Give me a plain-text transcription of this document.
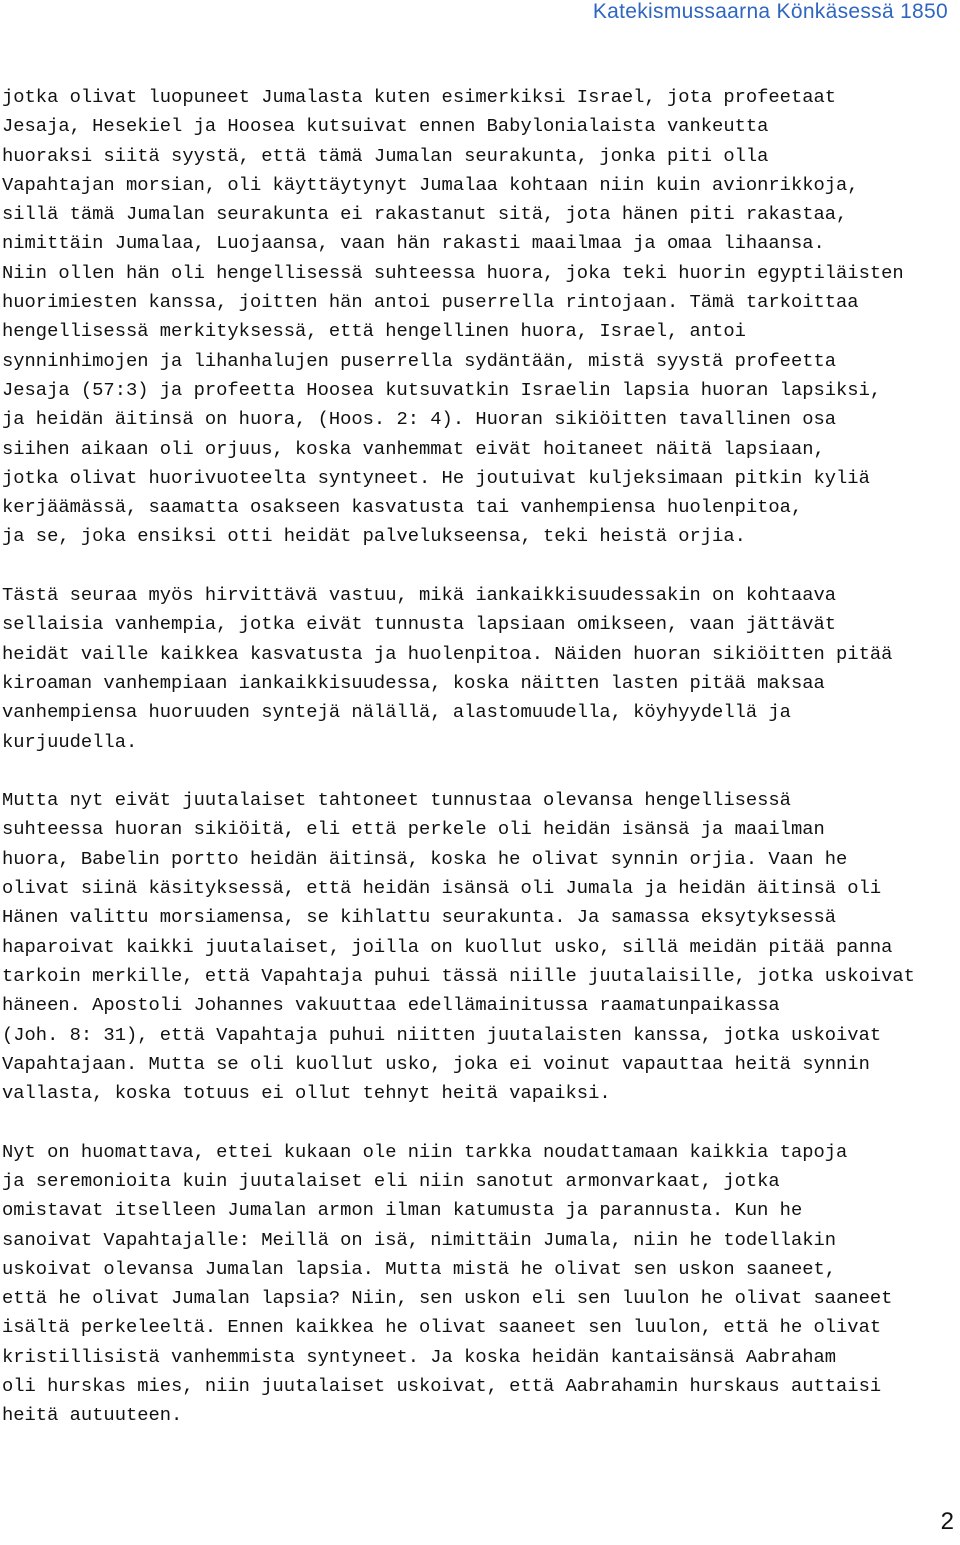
Katekismussaarna Könkäsessä 1850
jotka olivat luopuneet Jumalasta kuten esimerkiksi Israel, jota profeetaat
Jesaja, Hesekiel ja Hoosea kutsuivat ennen Babylonialaista vankeutta
huoraksi siitä syystä, että tämä Jumalan seurakunta, jonka piti olla
Vapahtajan morsian, oli käyttäytynyt Jumalaa kohtaan niin kuin avionrikkoja,
sillä tämä Jumalan seurakunta ei rakastanut sitä, jota hänen piti rakastaa,
nimittäin Jumalaa, Luojaansa, vaan hän rakasti maailmaa ja omaa lihaansa.
Niin ollen hän oli hengellisessä suhteessa huora, joka teki huorin egyptiläisten
huorimiesten kanssa, joitten hän antoi puserrella rintojaan. Tämä tarkoittaa
hengellisessä merkityksessä, että hengellinen huora, Israel, antoi
synninhimojen ja lihanhalujen puserrella sydäntään, mistä syystä profeetta
Jesaja (57:3) ja profeetta Hoosea kutsuvatkin Israelin lapsia huoran lapsiksi,
ja heidän äitinsä on huora, (Hoos. 2: 4). Huoran sikiöitten tavallinen osa
siihen aikaan oli orjuus, koska vanhemmat eivät hoitaneet näitä lapsiaan,
jotka olivat huorivuoteelta syntyneet. He joutuivat kuljeksimaan pitkin kyliä
kerjäämässä, saamatta osakseen kasvatusta tai vanhempiensa huolenpitoa,
ja se, joka ensiksi otti heidät palvelukseensa, teki heistä orjia.
Tästä seuraa myös hirvittävä vastuu, mikä iankaikkisuudessakin on kohtaava
sellaisia vanhempia, jotka eivät tunnusta lapsiaan omikseen, vaan jättävät
heidät vaille kaikkea kasvatusta ja huolenpitoa. Näiden huoran sikiöitten pitää
kiroaman vanhempiaan iankaikkisuudessa, koska näitten lasten pitää maksaa
vanhempiensa huoruuden syntejä nälällä, alastomuudella, köyhyydellä ja
kurjuudella.
Mutta nyt eivät juutalaiset tahtoneet tunnustaa olevansa hengellisessä
suhteessa huoran sikiöitä, eli että perkele oli heidän isänsä ja maailman
huora, Babelin portto heidän äitinsä, koska he olivat synnin orjia. Vaan he
olivat siinä käsityksessä, että heidän isänsä oli Jumala ja heidän äitinsä oli
Hänen valittu morsiamensa, se kihlattu seurakunta. Ja samassa eksytyksessä
haparoivat kaikki juutalaiset, joilla on kuollut usko, sillä meidän pitää panna
tarkoin merkille, että Vapahtaja puhui tässä niille juutalaisille, jotka uskoivat
häneen. Apostoli Johannes vakuuttaa edellämainitussa raamatunpaikassa
(Joh. 8: 31), että Vapahtaja puhui niitten juutalaisten kanssa, jotka uskoivat
Vapahtajaan. Mutta se oli kuollut usko, joka ei voinut vapauttaa heitä synnin
vallasta, koska totuus ei ollut tehnyt heitä vapaiksi.
Nyt on huomattava, ettei kukaan ole niin tarkka noudattamaan kaikkia tapoja
ja seremonioita kuin juutalaiset eli niin sanotut armonvarkaat, jotka
omistavat itselleen Jumalan armon ilman katumusta ja parannusta. Kun he
sanoivat Vapahtajalle: Meillä on isä, nimittäin Jumala, niin he todellakin
uskoivat olevansa Jumalan lapsia. Mutta mistä he olivat sen uskon saaneet,
että he olivat Jumalan lapsia? Niin, sen uskon eli sen luulon he olivat saaneet
isältä perkeleeltä. Ennen kaikkea he olivat saaneet sen luulon, että he olivat
kristillisistä vanhemmista syntyneet. Ja koska heidän kantaisänsä Aabraham
oli hurskas mies, niin juutalaiset uskoivat, että Aabrahamin hurskaus auttaisi
heitä autuuteen.
2
